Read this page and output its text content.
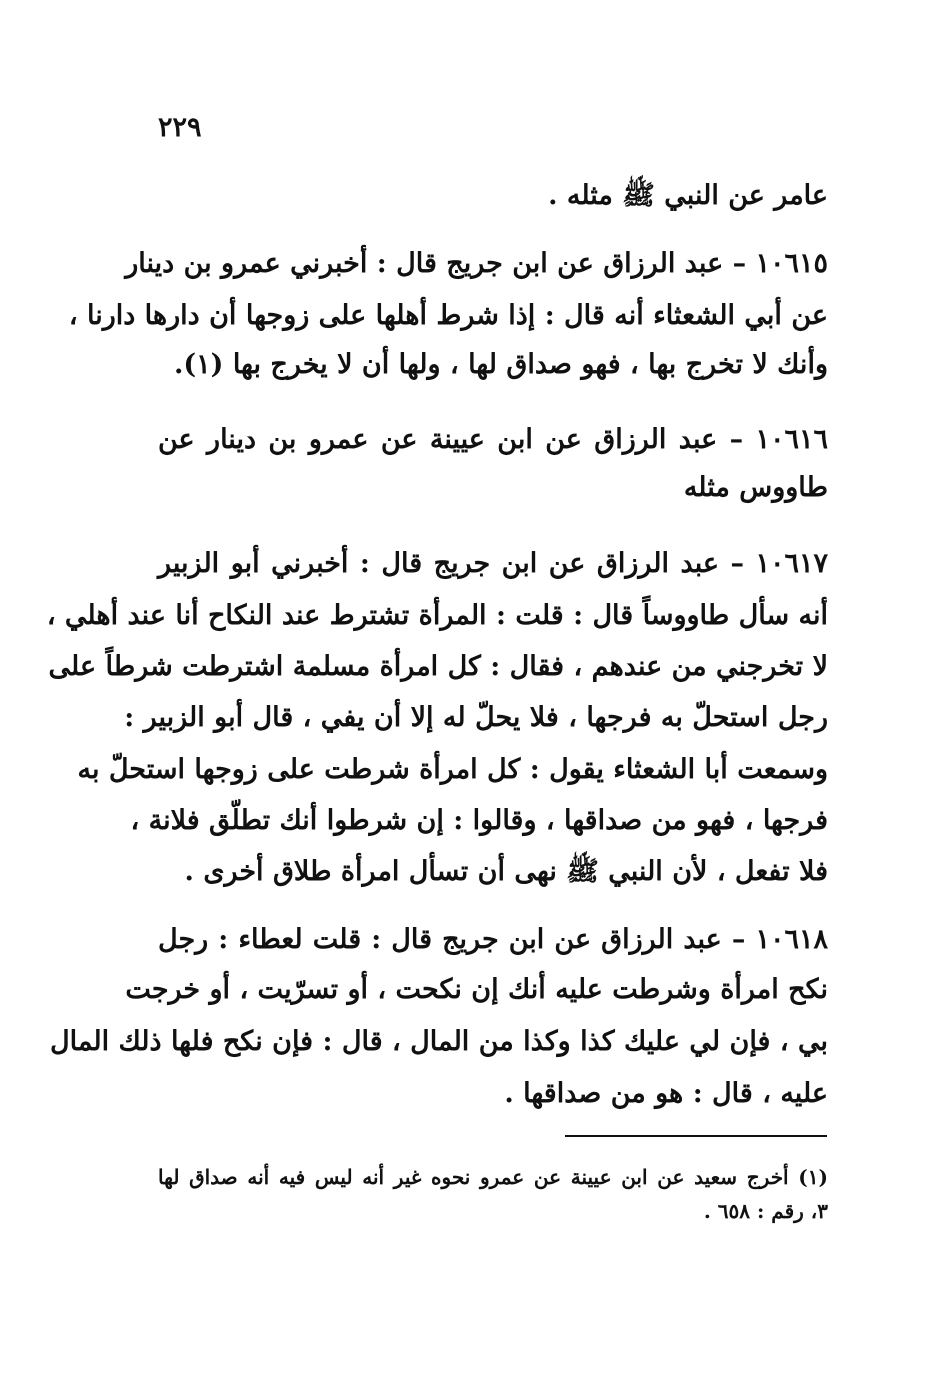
٢٢٩
عامر عن النبي ﷺ مثله .
١٠٦١٥ – عبد الرزاق عن ابن جريج قال : أخبرني عمرو بن دينار
عن أبي الشعثاء أنه قال : إذا شرط أهلها على زوجها أن دارها دارنا ،
وأنك لا تخرج بها ، فهو صداق لها ، ولها أن لا يخرج بها (١).
١٠٦١٦ – عبد الرزاق عن ابن عيينة عن عمرو بن دينار عن
طاووس مثله
١٠٦١٧ – عبد الرزاق عن ابن جريج قال : أخبرني أبو الزبير
أنه سأل طاووساً قال : قلت : المرأة تشترط عند النكاح أنا عند أهلي ،
لا تخرجني من عندهم ، فقال : كل امرأة مسلمة اشترطت شرطاً على
رجل استحلّ به فرجها ، فلا يحلّ له إلا أن يفي ، قال أبو الزبير :
وسمعت أبا الشعثاء يقول : كل امرأة شرطت على زوجها استحلّ به
فرجها ، فهو من صداقها ، وقالوا : إن شرطوا أنك تطلّق فلانة ،
فلا تفعل ، لأن النبي ﷺ نهى أن تسأل امرأة طلاق أخرى .
١٠٦١٨ – عبد الرزاق عن ابن جريج قال : قلت لعطاء : رجل
نكح امرأة وشرطت عليه أنك إن نكحت ، أو تسرّيت ، أو خرجت
بي ، فإن لي عليك كذا وكذا من المال ، قال : فإن نكح فلها ذلك المال
عليه ، قال : هو من صداقها .
(١) أخرج سعيد عن ابن عيينة عن عمرو نحوه غير أنه ليس فيه أنه صداق لها
٣، رقم : ٦٥٨ .
